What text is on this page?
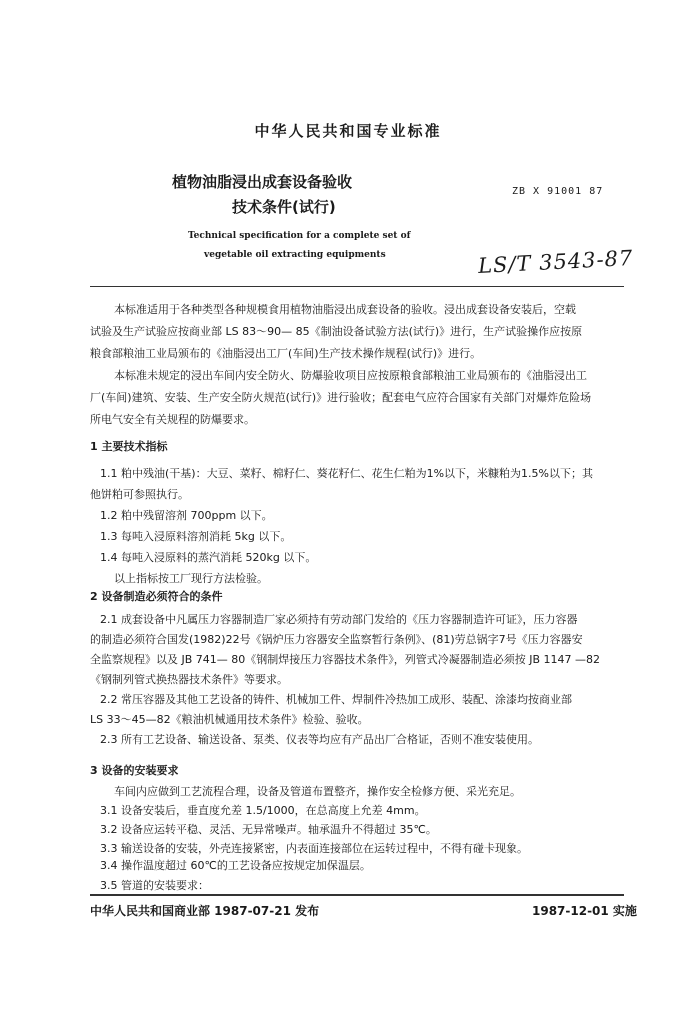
中华人民共和国专业标准
植物油脂浸出成套设备验收
技术条件(试行)
ZB X 91001 87
Technical specification for a complete set of
vegetable oil extracting equipments	LS/T 3543-87
本标准适用于各种类型各种规模食用植物油脂浸出成套设备的验收。浸出成套设备安装后，空载
试验及生产试验应按商业部 LS 83～90— 85《制油设备试验方法(试行)》进行，生产试验操作应按原
粮食部粮油工业局颁布的《油脂浸出工厂(车间)生产技术操作规程(试行)》进行。
本标准未规定的浸出车间内安全防火、防爆验收项目应按原粮食部粮油工业局颁布的《油脂浸出工
厂(车间)建筑、安装、生产安全防火规范(试行)》进行验收；配套电气应符合国家有关部门对爆炸危险场
所电气安全有关规程的防爆要求。
1 主要技术指标
1.1 粕中残油(干基)：大豆、菜籽、棉籽仁、葵花籽仁、花生仁粕为1%以下，米糠粕为1.5%以下；其
他饼粕可参照执行。
1.2 粕中残留溶剂 700ppm 以下。
1.3 每吨入浸原料溶剂消耗 5kg 以下。
1.4 每吨入浸原料的蒸汽消耗 520kg 以下。
以上指标按工厂现行方法检验。
2 设备制造必须符合的条件
2.1 成套设备中凡属压力容器制造厂家必须持有劳动部门发给的《压力容器制造许可证》，压力容器
的制造必须符合国发(1982)22号《锅炉压力容器安全监察暂行条例》、(81)劳总锅字7号《压力容器安
全监察规程》以及 JB 741— 80《钢制焊接压力容器技术条件》，列管式冷凝器制造必须按 JB 1147 —82
《钢制列管式换热器技术条件》等要求。
2.2 常压容器及其他工艺设备的铸件、机械加工件、焊制件冷热加工成形、装配、涂漆均按商业部
LS 33～45—82《粮油机械通用技术条件》检验、验收。
2.3 所有工艺设备、输送设备、泵类、仪表等均应有产品出厂合格证，否则不准安装使用。
3 设备的安装要求
车间内应做到工艺流程合理，设备及管道布置整齐，操作安全检修方便、采光充足。
3.1 设备安装后，垂直度允差 1.5/1000，在总高度上允差 4mm。
3.2 设备应运转平稳、灵活、无异常噪声。轴承温升不得超过 35℃。
3.3 输送设备的安装，外壳连接紧密，内表面连接部位在运转过程中，不得有碰卡现象。
3.4 操作温度超过 60℃的工艺设备应按规定加保温层。
中华人民共和国商业部 1987-07-21 发布	1987-12-01 实施
3.5 管道的安装要求：
